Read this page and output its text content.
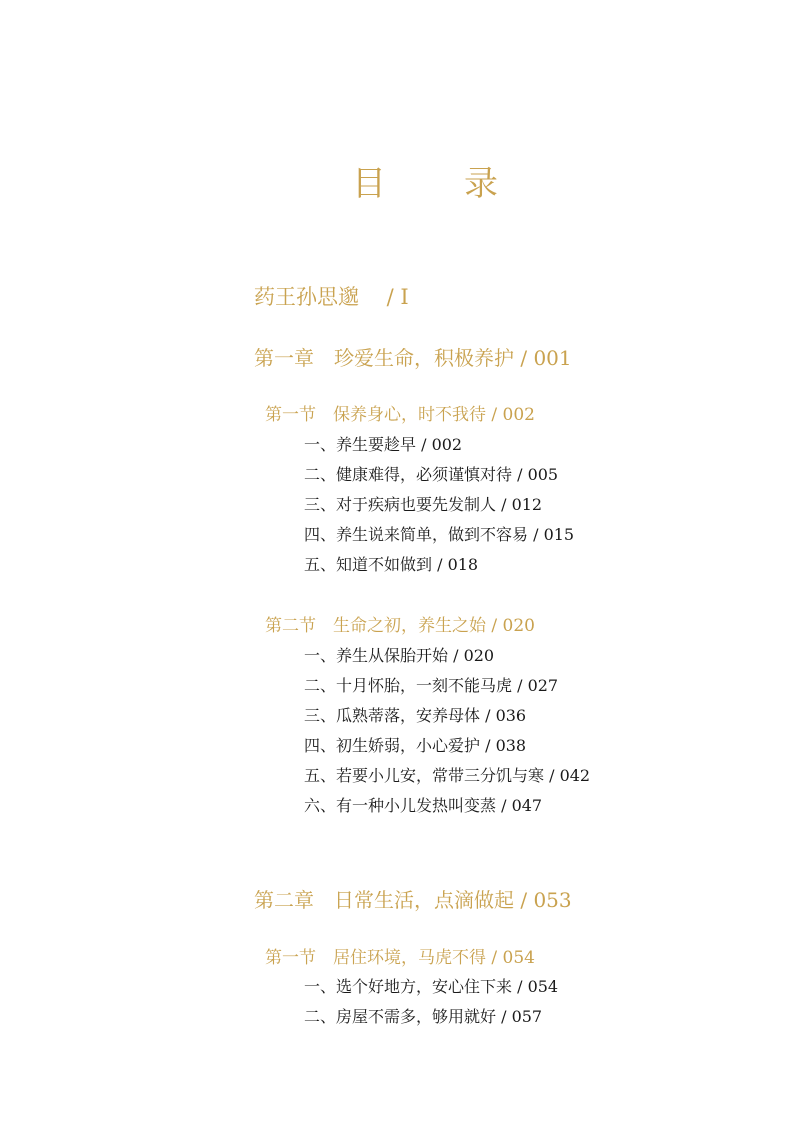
目　录
药王孙思邈　 / I
第一章　珍爱生命，积极养护 / 001
第一节　保养身心，时不我待 / 002
一、养生要趁早 / 002
二、健康难得，必须谨慎对待 / 005
三、对于疾病也要先发制人 / 012
四、养生说来简单，做到不容易 / 015
五、知道不如做到 / 018
第二节　生命之初，养生之始 / 020
一、养生从保胎开始 / 020
二、十月怀胎，一刻不能马虎 / 027
三、瓜熟蒂落，安养母体 / 036
四、初生娇弱，小心爱护 / 038
五、若要小儿安，常带三分饥与寒 / 042
六、有一种小儿发热叫变蒸 / 047
第二章　日常生活，点滴做起 / 053
第一节　居住环境，马虎不得 / 054
一、选个好地方，安心住下来 / 054
二、房屋不需多，够用就好 / 057
